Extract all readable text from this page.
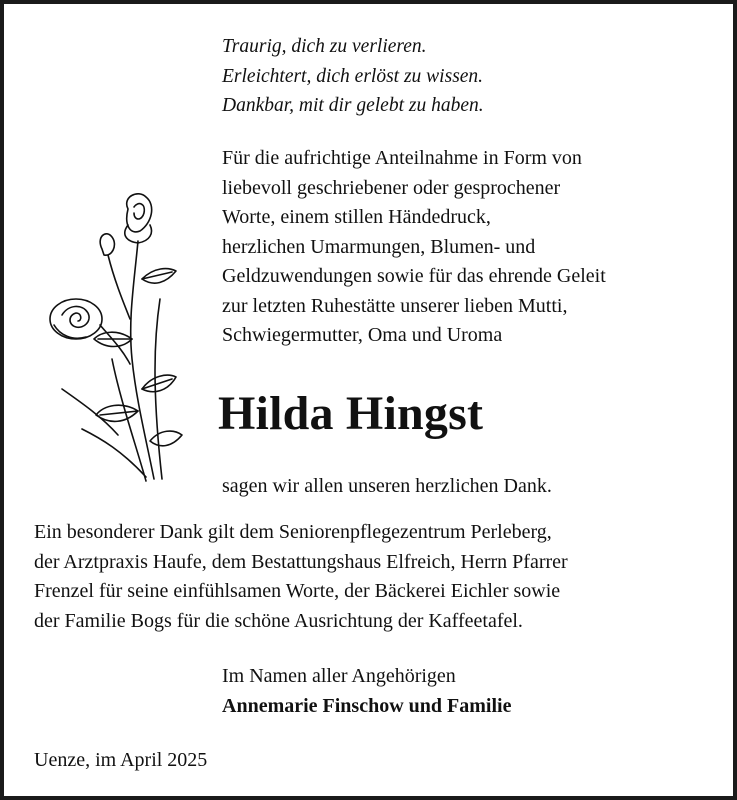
Traurig, dich zu verlieren.
Erleichtert, dich erlöst zu wissen.
Dankbar, mit dir gelebt zu haben.
Für die aufrichtige Anteilnahme in Form von
liebevoll geschriebener oder gesprochener
Worte, einem stillen Händedruck,
herzlichen Umarmungen, Blumen- und
Geldzuwendungen sowie für das ehrende Geleit
zur letzten Ruhestätte unserer lieben Mutti,
Schwiegermutter, Oma und Uroma
Hilda Hingst
sagen wir allen unseren herzlichen Dank.
Ein besonderer Dank gilt dem Seniorenpflegezentrum Perleberg,
der Arztpraxis Haufe, dem Bestattungshaus Elfreich, Herrn Pfarrer
Frenzel für seine einfühlsamen Worte, der Bäckerei Eichler sowie
der Familie Bogs für die schöne Ausrichtung der Kaffeetafel.
Im Namen aller Angehörigen
Annemarie Finschow und Familie
Uenze, im April 2025
